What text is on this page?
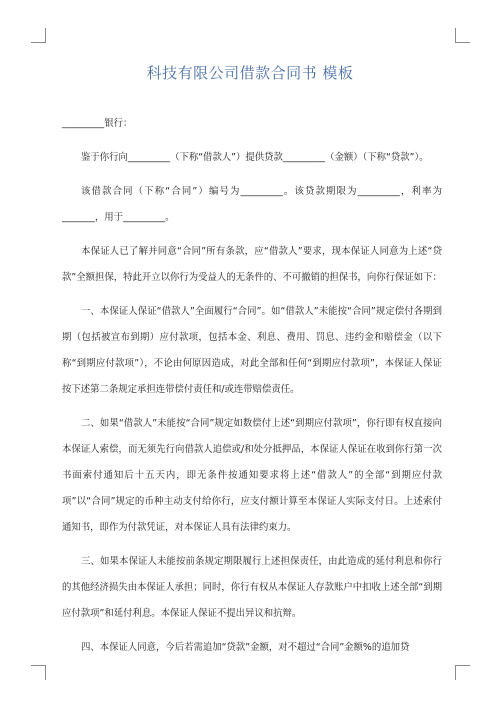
科技有限公司借款合同书 模板

_________银行：

鉴于你行向_________（下称“借款人”）提供贷款_________（金额）（下称“贷款”）。

该借款合同（下称“合同”）编号为_________。该贷款期限为_________，利率为_______，用于_________。

本保证人已了解并同意“合同”所有条款，应“借款人”要求，现本保证人同意为上述“贷款”全额担保，特此开立以你行为受益人的无条件的、不可撤销的担保书，向你行保证如下：

一、本保证人保证“借款人”全面履行“合同”。如“借款人”未能按“合同”规定偿付各期到期（包括被宣布到期）应付款项，包括本金、利息、费用、罚息、违约金和赔偿金（以下称“到期应付款项”），不论由何原因造成，对此全部和任何“到期应付款项”，本保证人保证按下述第二条规定承担连带偿付责任和/或连带赔偿责任。

二、如果“借款人”未能按“合同”规定如数偿付上述“到期应付款项”，你行即有权直接向本保证人索偿，而无须先行向借款人追偿或/和处分抵押品，本保证人保证在收到你行第一次书面索付通知后十五天内，即无条件按通知要求将上述“借款人”的全部“到期应付款项”以“合同”规定的币种主动支付给你行，应支付额计算至本保证人实际支付日。上述索付通知书，即作为付款凭证，对本保证人具有法律约束力。

三、如果本保证人未能按前条规定期限履行上述担保责任，由此造成的延付利息和你行的其他经济损失由本保证人承担；同时，你行有权从本保证人存款账户中扣收上述全部“到期应付款项”和延付利息。本保证人保证不提出异议和抗辩。

四、本保证人同意，今后若需追加“贷款”金额，对不超过“合同”金额%的追加贷
